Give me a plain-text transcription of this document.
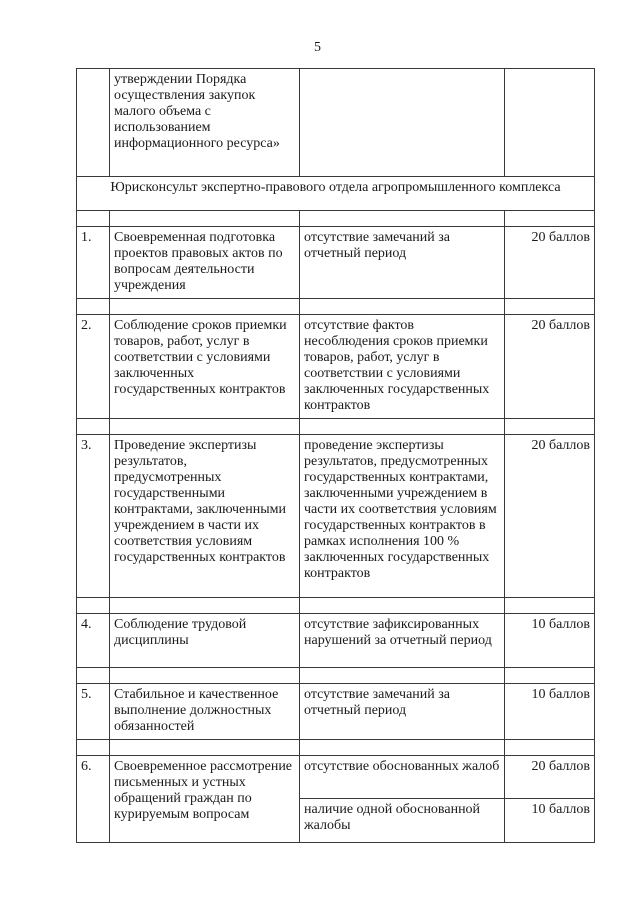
5
	утверждении Порядка осуществления закупок малого объема с использованием информационного ресурса»		
Юрисконсульт экспертно-правового отдела агропромышленного комплекса			

1.	Своевременная подготовка проектов правовых актов по вопросам деятельности учреждения	отсутствие замечаний за отчетный период	20 баллов

2.	Соблюдение сроков приемки товаров, работ, услуг в соответствии с условиями заключенных государственных контрактов	отсутствие фактов несоблюдения сроков приемки товаров, работ, услуг в соответствии с условиями заключенных государственных контрактов	20 баллов

3.	Проведение экспертизы результатов, предусмотренных государственными контрактами, заключенными учреждением в части их соответствия условиям государственных контрактов	проведение экспертизы результатов, предусмотренных государственных контрактами, заключенными учреждением в части их соответствия условиям государственных контрактов в рамках исполнения 100 % заключенных государственных контрактов	20 баллов

4.	Соблюдение трудовой дисциплины	отсутствие зафиксированных нарушений за отчетный период	10 баллов

5.	Стабильное и качественное выполнение должностных обязанностей	отсутствие замечаний за отчетный период	10 баллов

6.	Своевременное рассмотрение письменных и устных обращений граждан по курируемым вопросам	отсутствие обоснованных жалоб	20 баллов
		наличие одной обоснованной жалобы	10 баллов
